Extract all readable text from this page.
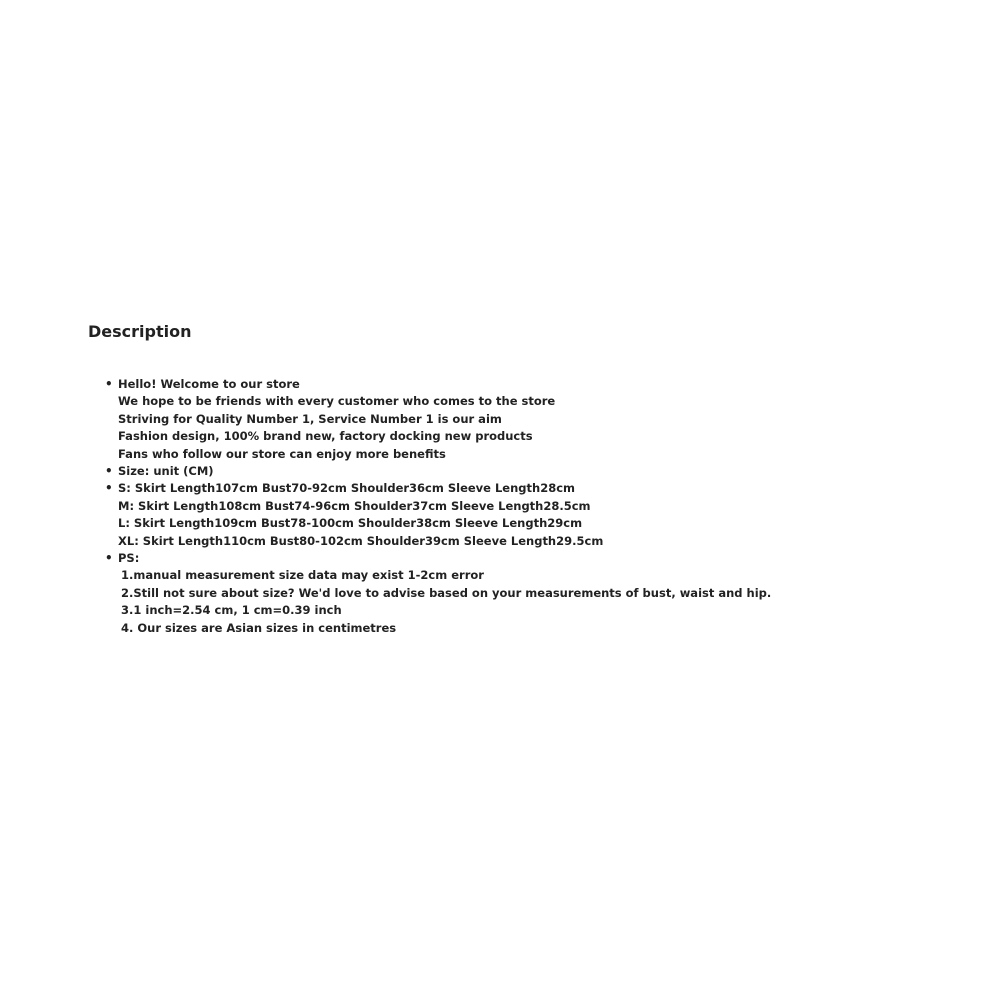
Description
• Hello! Welcome to our store
We hope to be friends with every customer who comes to the store
Striving for Quality Number 1, Service Number 1 is our aim
Fashion design, 100% brand new, factory docking new products
Fans who follow our store can enjoy more benefits
• Size: unit (CM)
• S: Skirt Length107cm Bust70-92cm Shoulder36cm Sleeve Length28cm
M: Skirt Length108cm Bust74-96cm Shoulder37cm Sleeve Length28.5cm
L: Skirt Length109cm Bust78-100cm Shoulder38cm Sleeve Length29cm
XL: Skirt Length110cm Bust80-102cm Shoulder39cm Sleeve Length29.5cm
• PS:
1.manual measurement size data may exist 1-2cm error
2.Still not sure about size? We'd love to advise based on your measurements of bust, waist and hip.
3.1 inch=2.54 cm, 1 cm=0.39 inch
4. Our sizes are Asian sizes in centimetres
